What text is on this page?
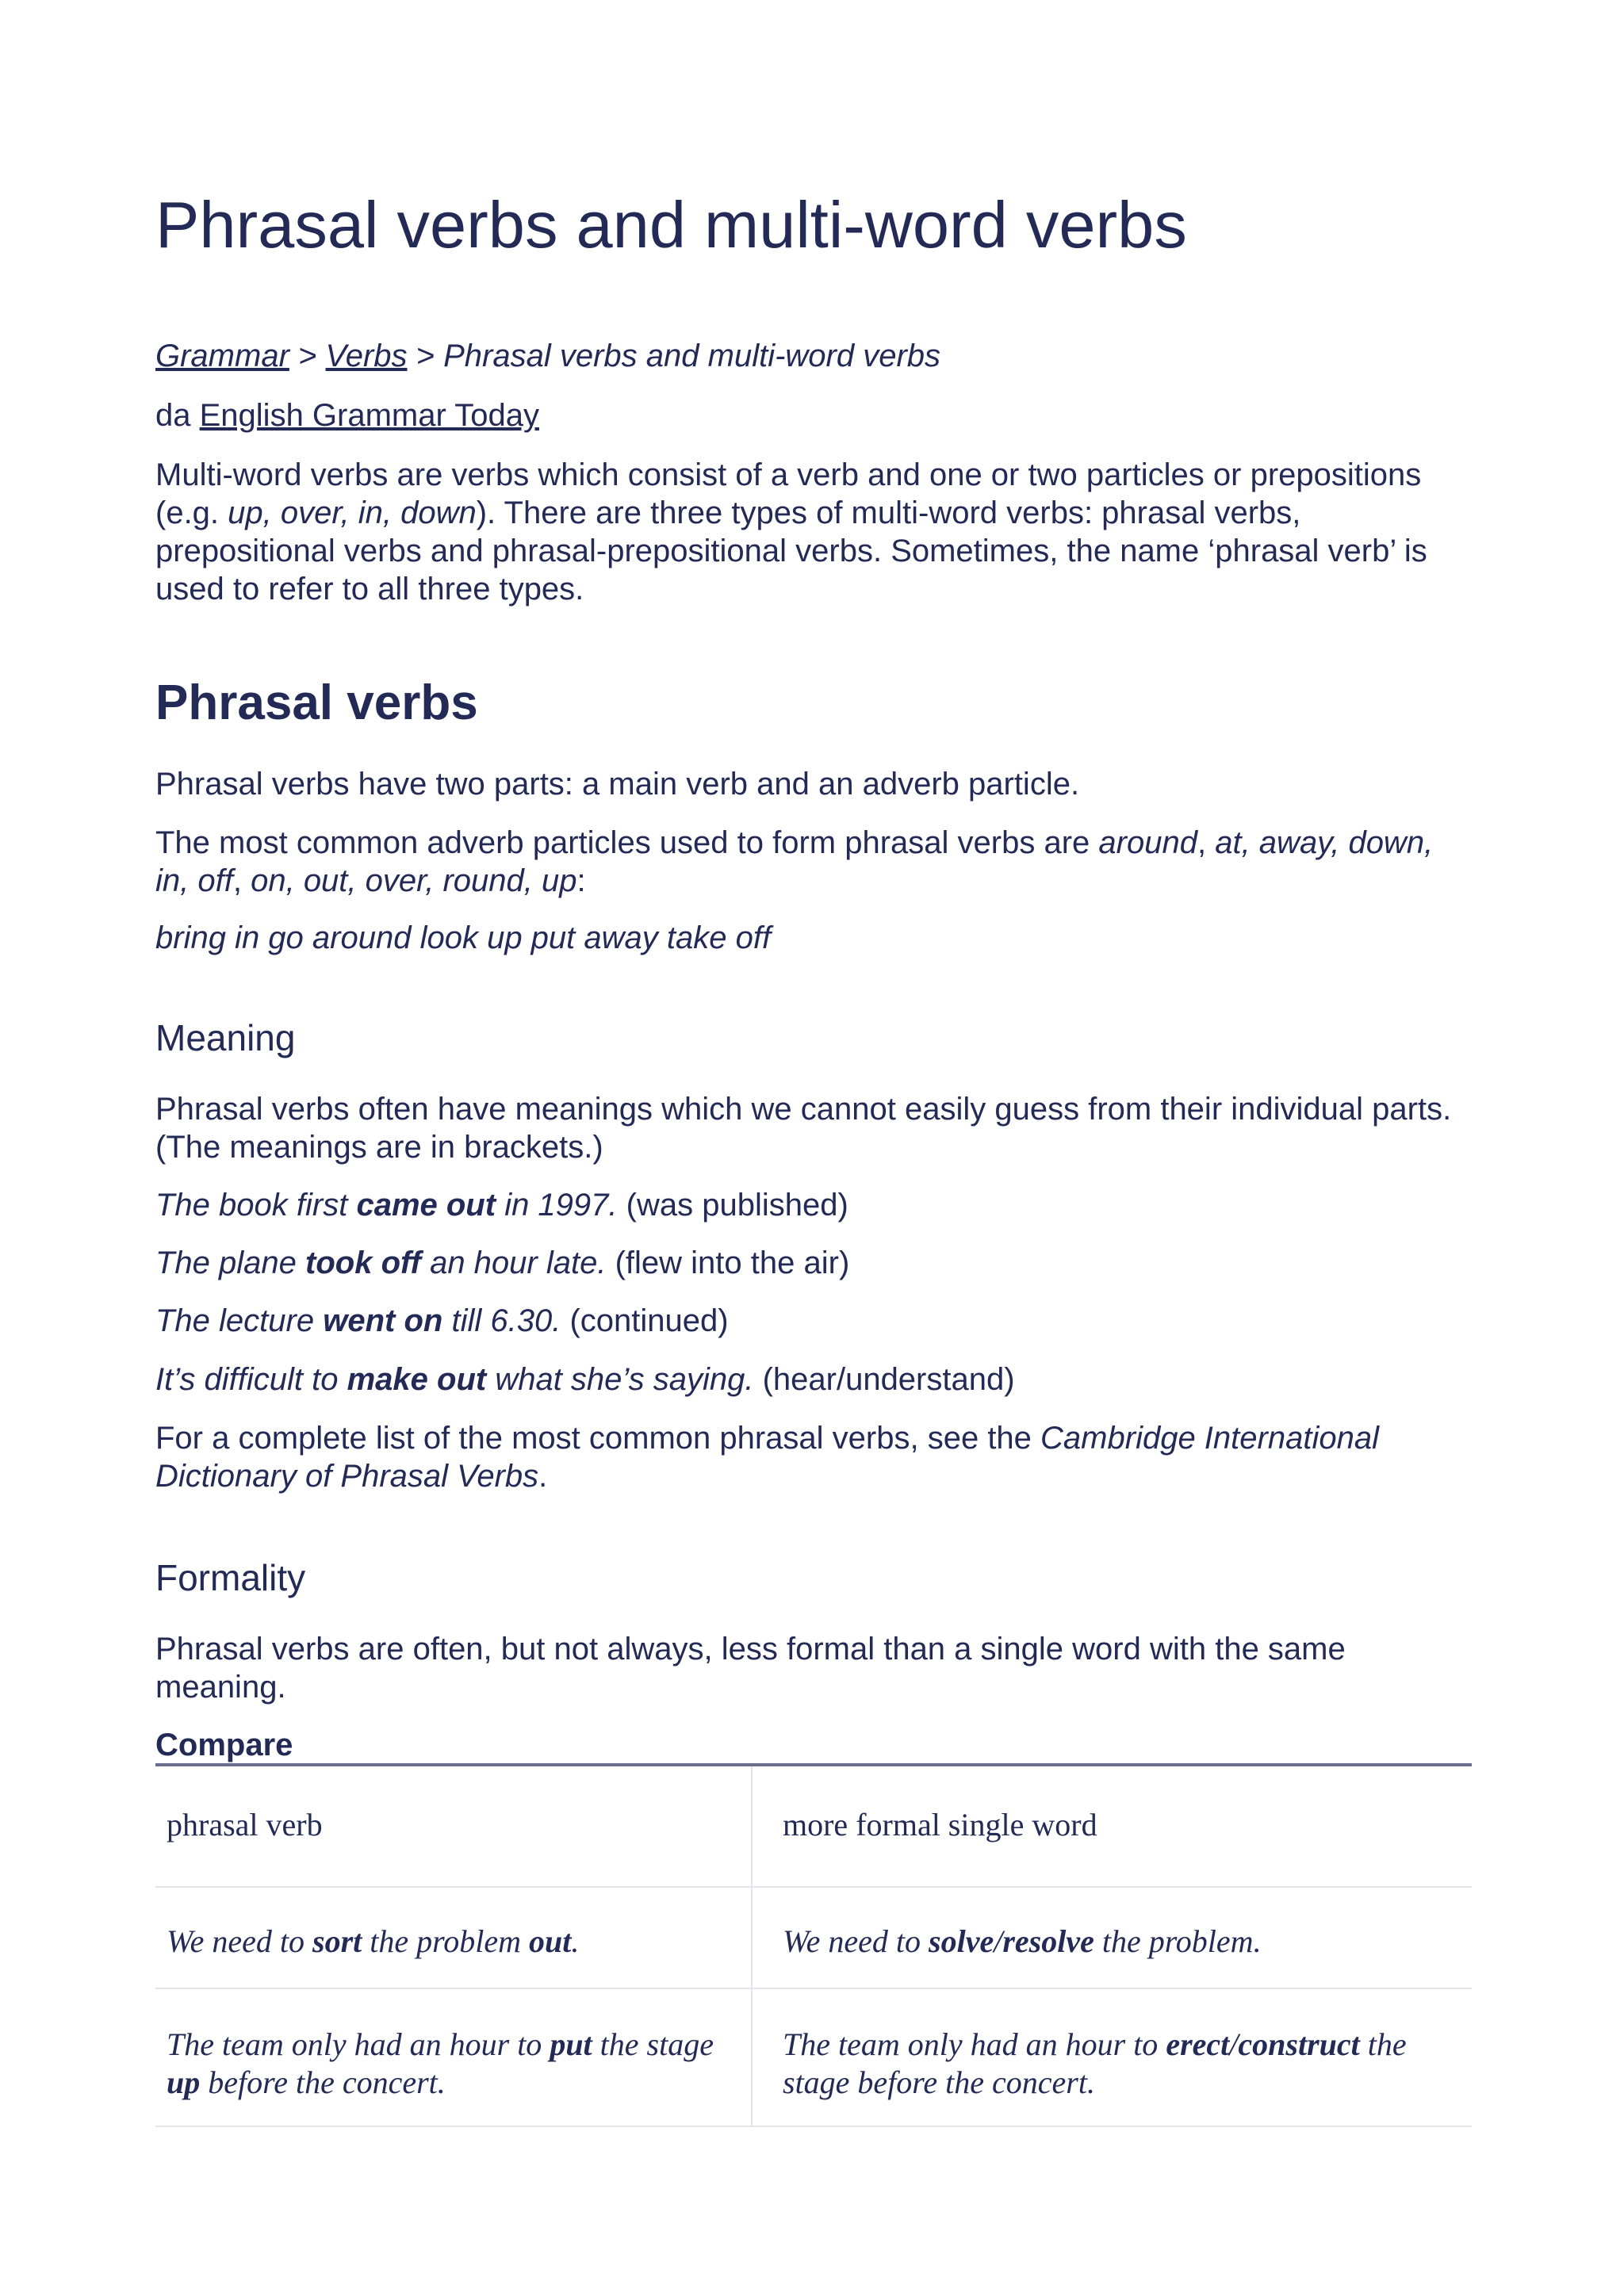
Phrasal verbs and multi-word verbs

Grammar > Verbs > Phrasal verbs and multi-word verbs

da English Grammar Today

Multi-word verbs are verbs which consist of a verb and one or two particles or prepositions (e.g. up, over, in, down). There are three types of multi-word verbs: phrasal verbs, prepositional verbs and phrasal-prepositional verbs. Sometimes, the name ‘phrasal verb’ is used to refer to all three types.

Phrasal verbs

Phrasal verbs have two parts: a main verb and an adverb particle.

The most common adverb particles used to form phrasal verbs are around, at, away, down, in, off, on, out, over, round, up:

bring in go around look up put away take off

Meaning

Phrasal verbs often have meanings which we cannot easily guess from their individual parts. (The meanings are in brackets.)

The book first came out in 1997. (was published)

The plane took off an hour late. (flew into the air)

The lecture went on till 6.30. (continued)

It’s difficult to make out what she’s saying. (hear/understand)

For a complete list of the most common phrasal verbs, see the Cambridge International Dictionary of Phrasal Verbs.

Formality

Phrasal verbs are often, but not always, less formal than a single word with the same meaning.

Compare
phrasal verb	more formal single word
We need to sort the problem out.	We need to solve/resolve the problem.
The team only had an hour to put the stage up before the concert.	The team only had an hour to erect/construct the stage before the concert.
